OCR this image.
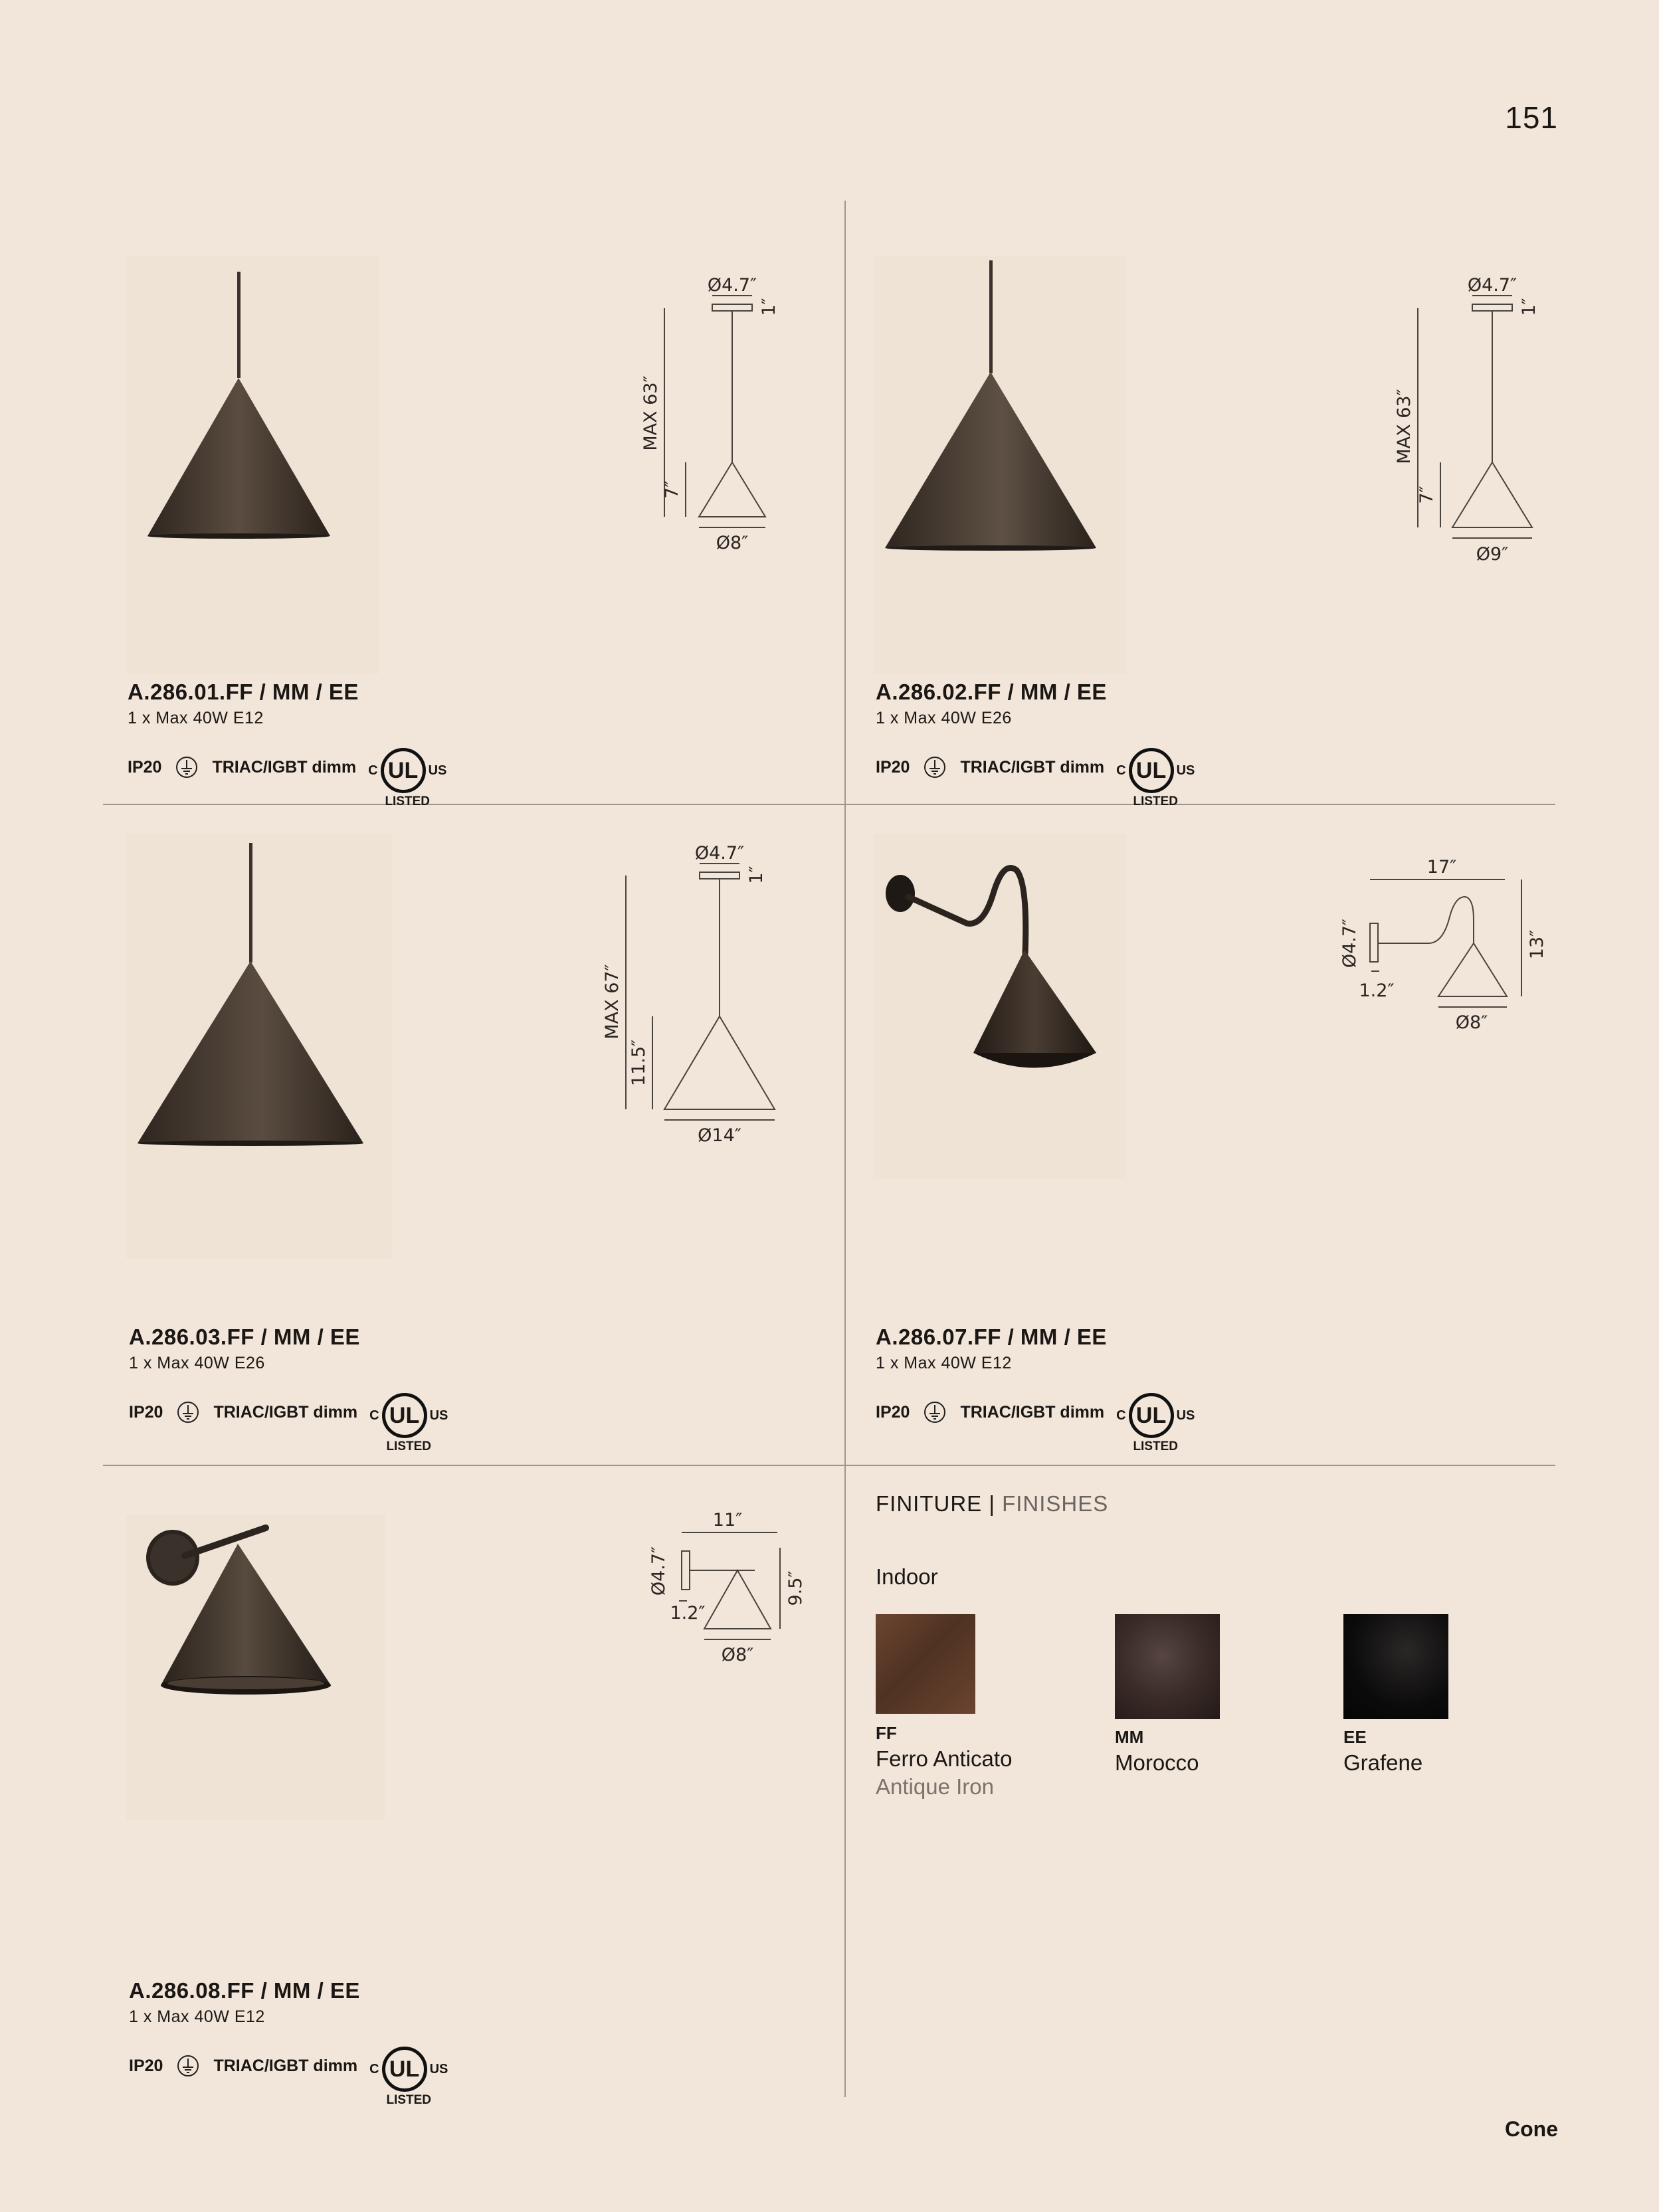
151
Ø4.7″
1″
MAX 63″
7″
Ø8″
A.286.01.FF / MM / EE
1 x Max 40W E12
IP20	TRIAC/IGBT dimm C UL US
LISTED
Ø4.7″
1″
MAX 63″
7″
Ø9″
A.286.02.FF / MM / EE
1 x Max 40W E26
IP20	TRIAC/IGBT dimm C UL US
LISTED
Ø4.7″
1″
MAX 67″
11.5″
Ø14″
A.286.03.FF / MM / EE
1 x Max 40W E26
IP20	TRIAC/IGBT dimm C UL US
LISTED
17″
Ø4.7″
1.2″
13″
Ø8″
A.286.07.FF / MM / EE
1 x Max 40W E12
IP20	TRIAC/IGBT dimm C UL US
LISTED
11″
Ø4.7″
1.2″
9.5″
Ø8″
A.286.08.FF / MM / EE
1 x Max 40W E12
IP20	TRIAC/IGBT dimm C UL US
LISTED
FINITURE | FINISHES
Indoor
FF
Ferro Anticato
Antique Iron
MM
Morocco
EE
Grafene
Cone
